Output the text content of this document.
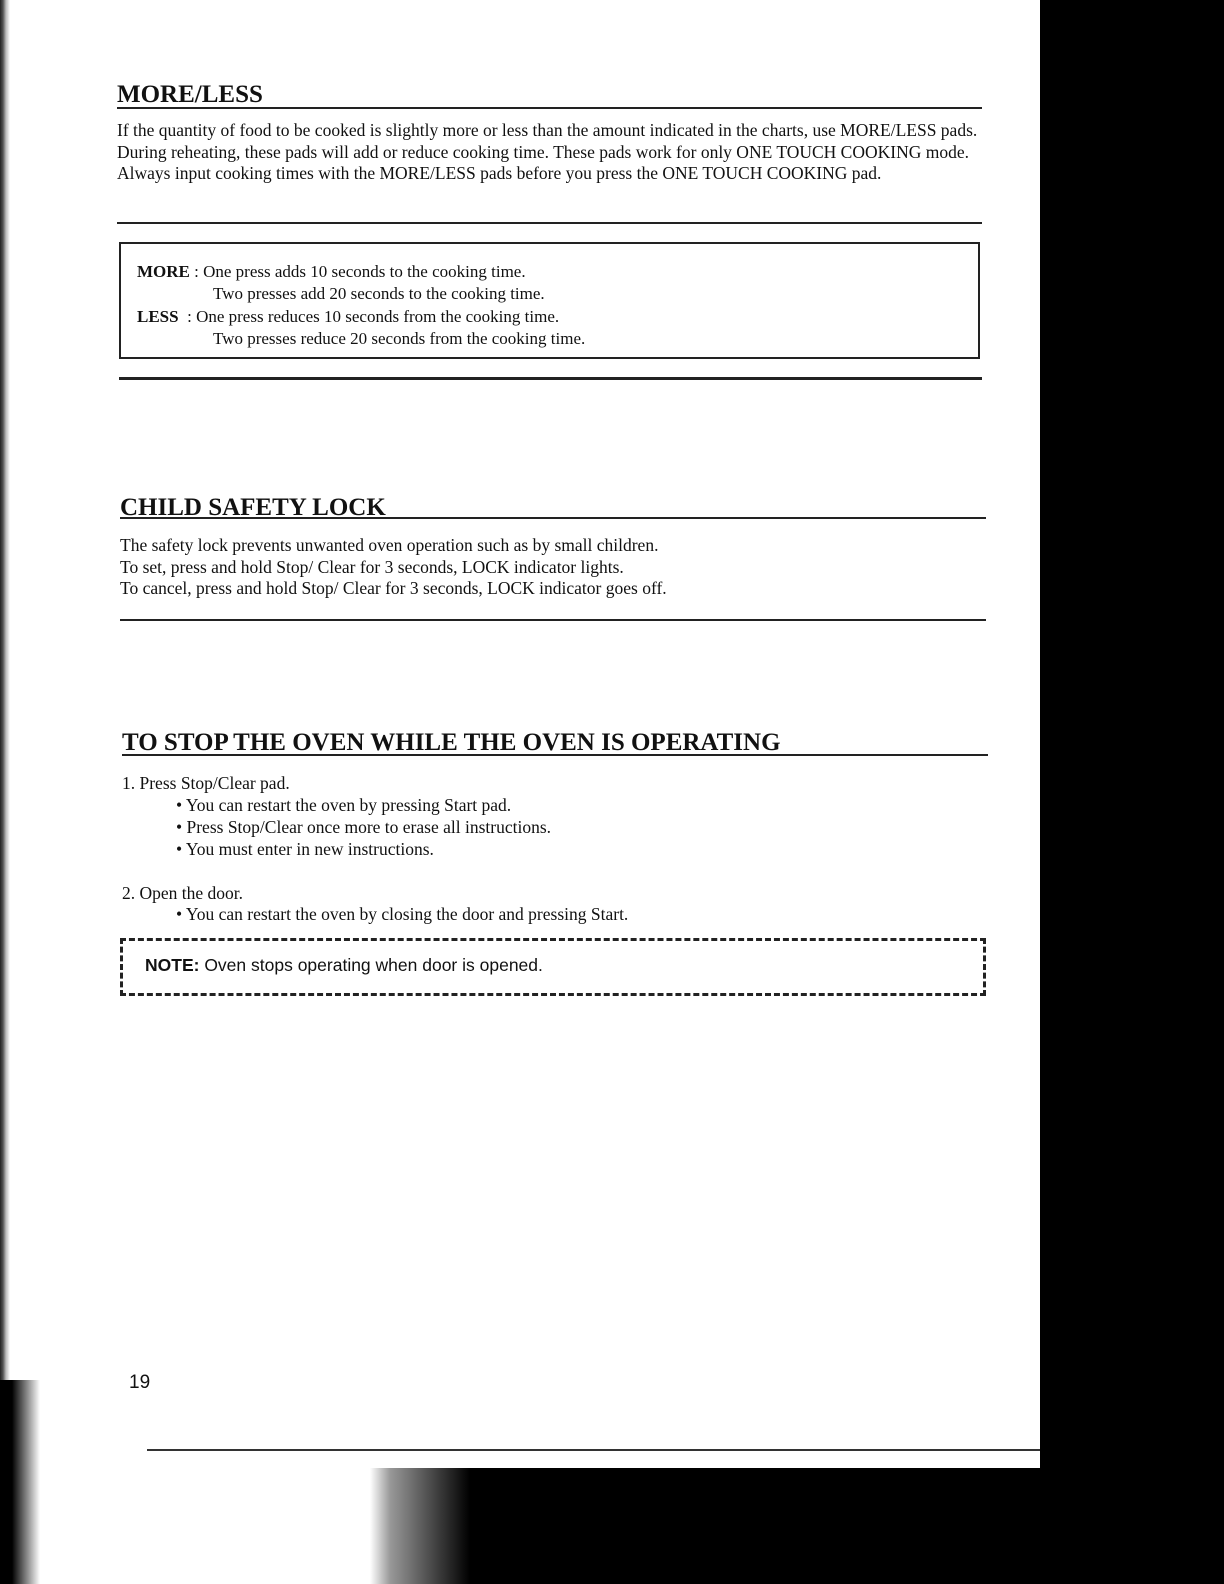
MORE/LESS

If the quantity of food to be cooked is slightly more or less than the amount indicated in the charts, use MORE/LESS pads. During reheating, these pads will add or reduce cooking time. These pads work for only ONE TOUCH COOKING mode. Always input cooking times with the MORE/LESS pads before you press the ONE TOUCH COOKING pad.

MORE : One press adds 10 seconds to the cooking time.
Two presses add 20 seconds to the cooking time.
LESS  : One press reduces 10 seconds from the cooking time.
Two presses reduce 20 seconds from the cooking time.
CHILD SAFETY LOCK

The safety lock prevents unwanted oven operation such as by small children.

To set, press and hold Stop/ Clear for 3 seconds, LOCK indicator lights.

To cancel, press and hold Stop/ Clear for 3 seconds, LOCK indicator goes off.

TO STOP THE OVEN WHILE THE OVEN IS OPERATING
1. Press Stop/Clear pad.
• You can restart the oven by pressing Start pad.
• Press Stop/Clear once more to erase all instructions.
• You must enter in new instructions.
2. Open the door.
• You can restart the oven by closing the door and pressing Start.
NOTE: Oven stops operating when door is opened.
19
